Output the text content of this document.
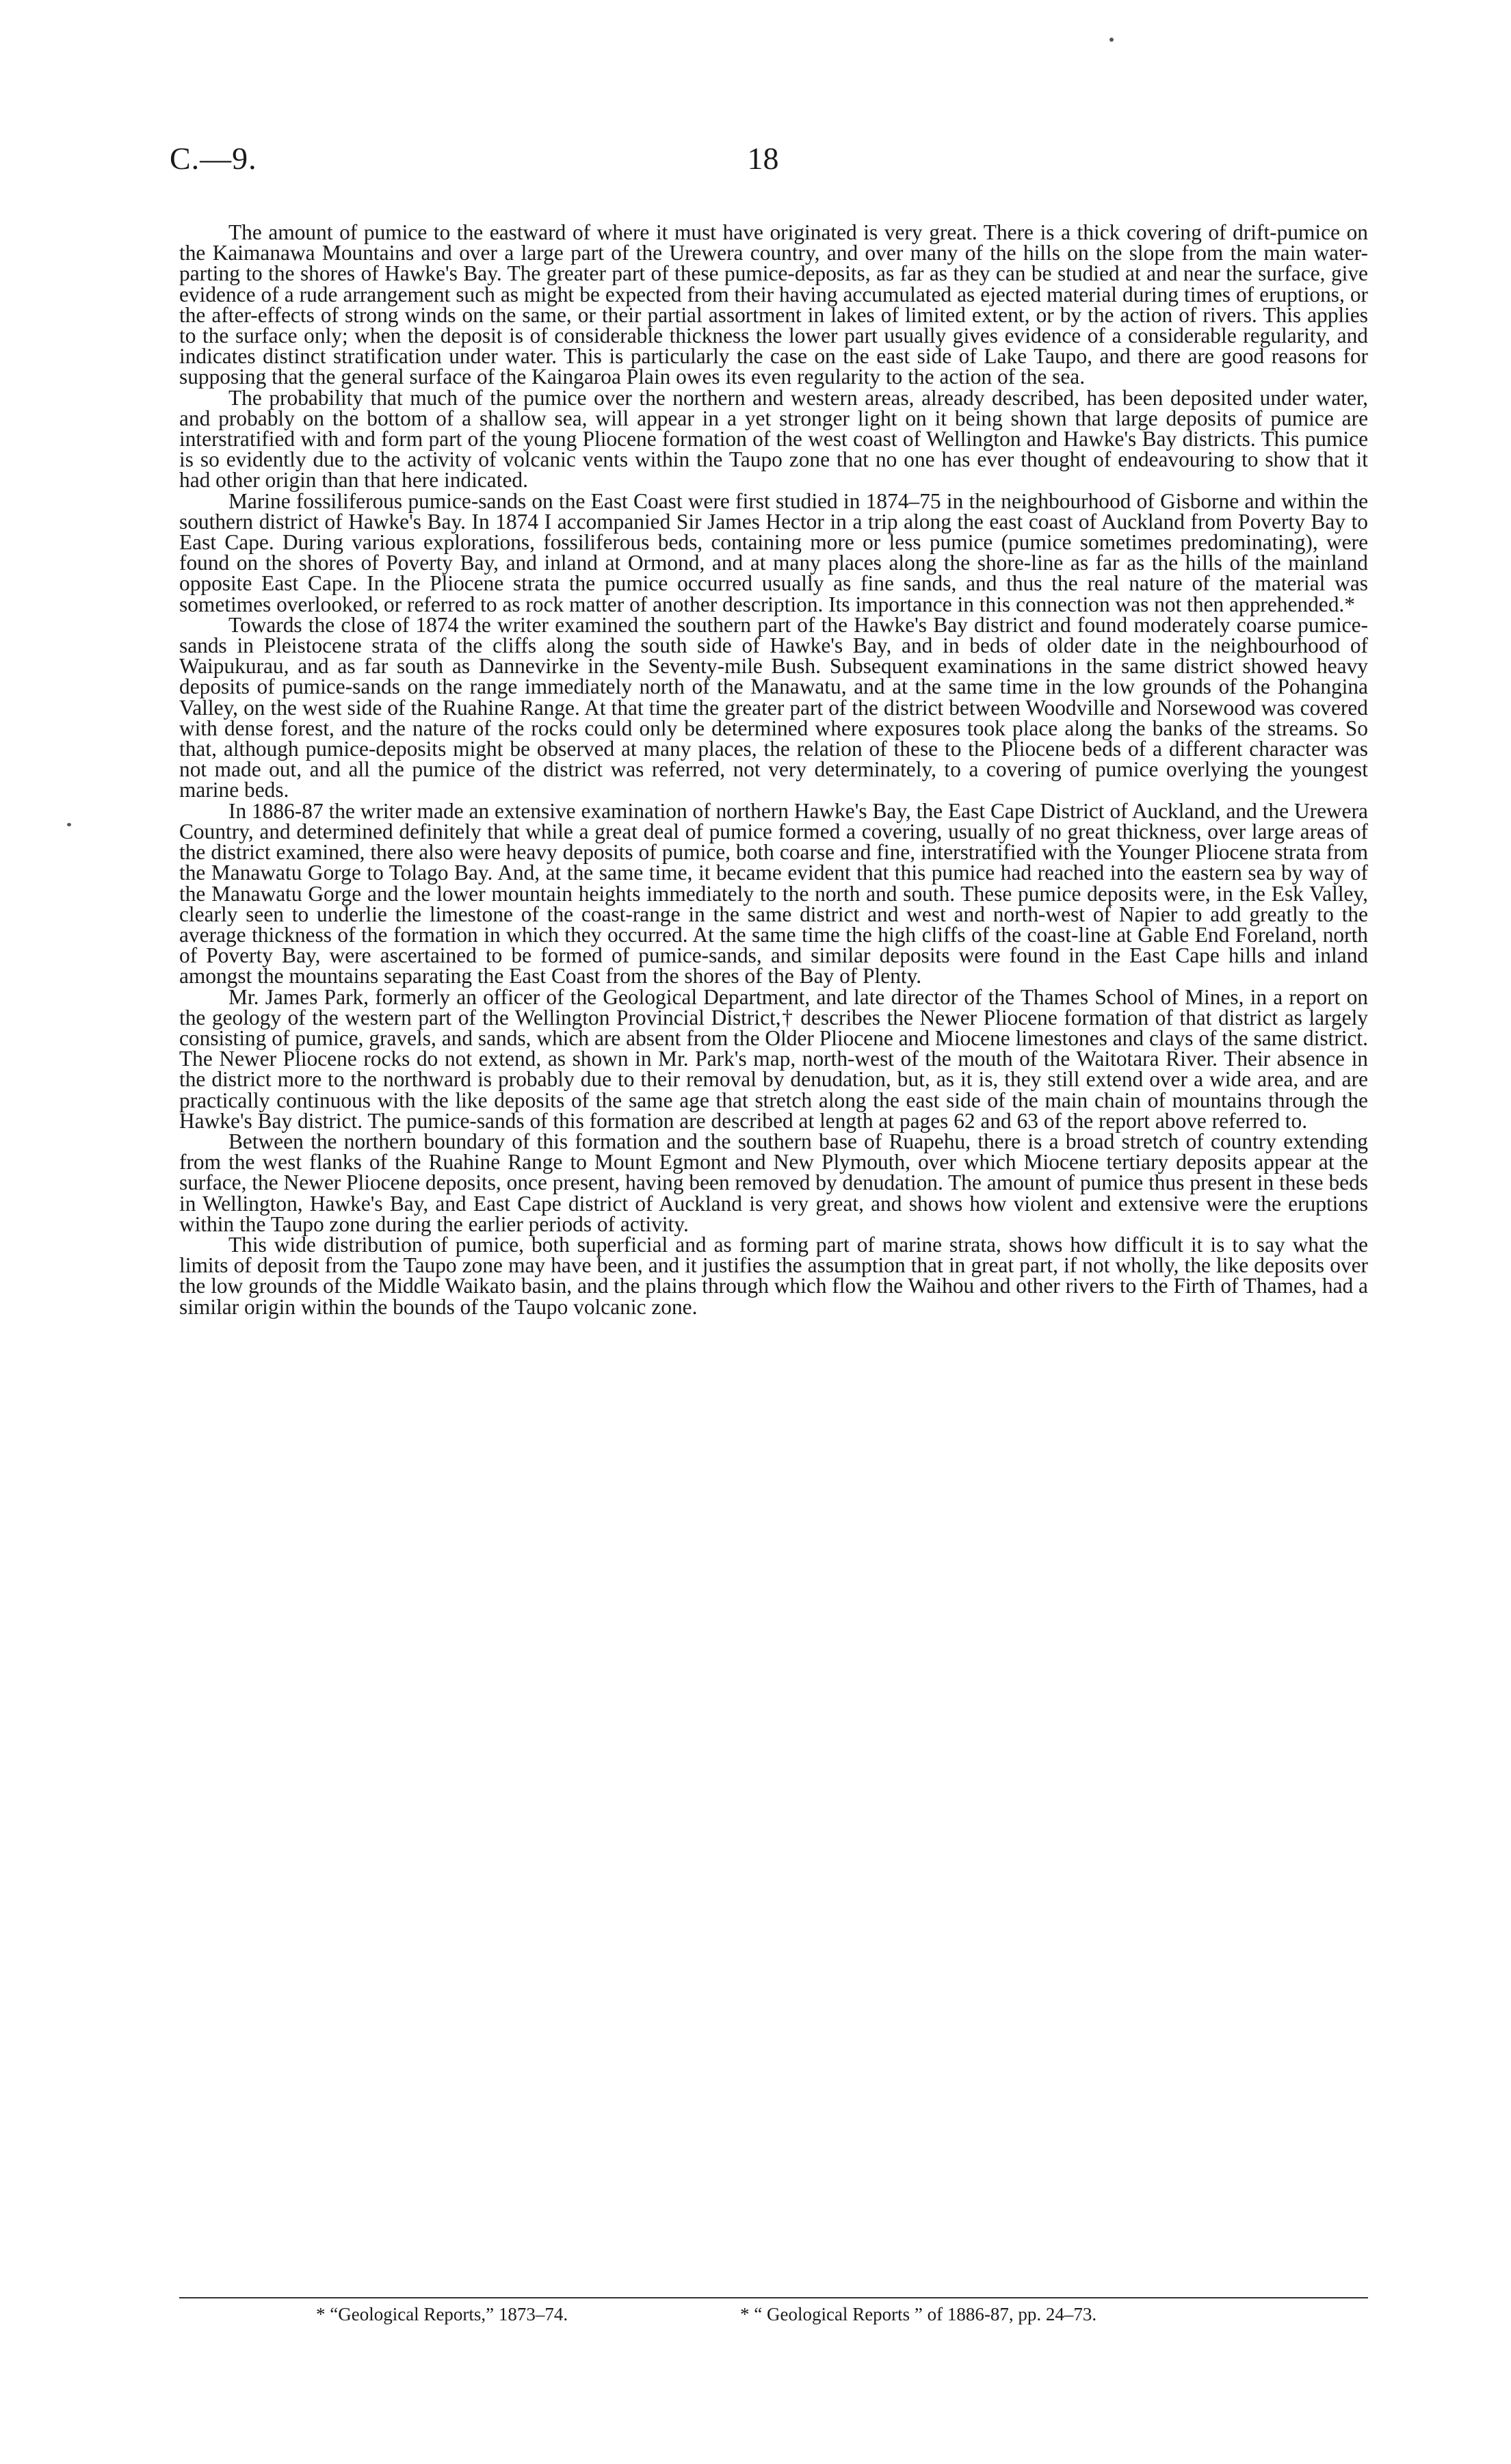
C.—9.	18

The amount of pumice to the eastward of where it must have originated is very great. There is a thick covering of drift-pumice on the Kaimanawa Mountains and over a large part of the Urewera country, and over many of the hills on the slope from the main water-parting to the shores of Hawke's Bay. The greater part of these pumice-deposits, as far as they can be studied at and near the surface, give evidence of a rude arrangement such as might be expected from their having accumulated as ejected material during times of eruptions, or the after-effects of strong winds on the same, or their partial assortment in lakes of limited extent, or by the action of rivers. This applies to the surface only; when the deposit is of considerable thickness the lower part usually gives evidence of a considerable regularity, and indicates distinct stratification under water. This is particularly the case on the east side of Lake Taupo, and there are good reasons for supposing that the general surface of the Kaingaroa Plain owes its even regularity to the action of the sea.

The probability that much of the pumice over the northern and western areas, already described, has been deposited under water, and probably on the bottom of a shallow sea, will appear in a yet stronger light on it being shown that large deposits of pumice are interstratified with and form part of the young Pliocene formation of the west coast of Wellington and Hawke's Bay districts. This pumice is so evidently due to the activity of volcanic vents within the Taupo zone that no one has ever thought of endeavouring to show that it had other origin than that here indicated.

Marine fossiliferous pumice-sands on the East Coast were first studied in 1874–75 in the neighbourhood of Gisborne and within the southern district of Hawke's Bay. In 1874 I accompanied Sir James Hector in a trip along the east coast of Auckland from Poverty Bay to East Cape. During various explorations, fossiliferous beds, containing more or less pumice (pumice sometimes predominating), were found on the shores of Poverty Bay, and inland at Ormond, and at many places along the shore-line as far as the hills of the mainland opposite East Cape. In the Pliocene strata the pumice occurred usually as fine sands, and thus the real nature of the material was sometimes overlooked, or referred to as rock matter of another description. Its importance in this connection was not then apprehended.*

Towards the close of 1874 the writer examined the southern part of the Hawke's Bay district and found moderately coarse pumice-sands in Pleistocene strata of the cliffs along the south side of Hawke's Bay, and in beds of older date in the neighbourhood of Waipukurau, and as far south as Dannevirke in the Seventy-mile Bush. Subsequent examinations in the same district showed heavy deposits of pumice-sands on the range immediately north of the Manawatu, and at the same time in the low grounds of the Pohangina Valley, on the west side of the Ruahine Range. At that time the greater part of the district between Woodville and Norsewood was covered with dense forest, and the nature of the rocks could only be determined where exposures took place along the banks of the streams. So that, although pumice-deposits might be observed at many places, the relation of these to the Pliocene beds of a different character was not made out, and all the pumice of the district was referred, not very determinately, to a covering of pumice overlying the youngest marine beds.

In 1886-87 the writer made an extensive examination of northern Hawke's Bay, the East Cape District of Auckland, and the Urewera Country, and determined definitely that while a great deal of pumice formed a covering, usually of no great thickness, over large areas of the district examined, there also were heavy deposits of pumice, both coarse and fine, interstratified with the Younger Pliocene strata from the Manawatu Gorge to Tolago Bay. And, at the same time, it became evident that this pumice had reached into the eastern sea by way of the Manawatu Gorge and the lower mountain heights immediately to the north and south. These pumice deposits were, in the Esk Valley, clearly seen to underlie the limestone of the coast-range in the same district and west and north-west of Napier to add greatly to the average thickness of the formation in which they occurred. At the same time the high cliffs of the coast-line at Gable End Foreland, north of Poverty Bay, were ascertained to be formed of pumice-sands, and similar deposits were found in the East Cape hills and inland amongst the mountains separating the East Coast from the shores of the Bay of Plenty.

Mr. James Park, formerly an officer of the Geological Department, and late director of the Thames School of Mines, in a report on the geology of the western part of the Wellington Provincial District,† describes the Newer Pliocene formation of that district as largely consisting of pumice, gravels, and sands, which are absent from the Older Pliocene and Miocene limestones and clays of the same district. The Newer Pliocene rocks do not extend, as shown in Mr. Park's map, north-west of the mouth of the Waitotara River. Their absence in the district more to the northward is probably due to their removal by denudation, but, as it is, they still extend over a wide area, and are practically continuous with the like deposits of the same age that stretch along the east side of the main chain of mountains through the Hawke's Bay district. The pumice-sands of this formation are described at length at pages 62 and 63 of the report above referred to.

Between the northern boundary of this formation and the southern base of Ruapehu, there is a broad stretch of country extending from the west flanks of the Ruahine Range to Mount Egmont and New Plymouth, over which Miocene tertiary deposits appear at the surface, the Newer Pliocene deposits, once present, having been removed by denudation. The amount of pumice thus present in these beds in Wellington, Hawke's Bay, and East Cape district of Auckland is very great, and shows how violent and extensive were the eruptions within the Taupo zone during the earlier periods of activity.

This wide distribution of pumice, both superficial and as forming part of marine strata, shows how difficult it is to say what the limits of deposit from the Taupo zone may have been, and it justifies the assumption that in great part, if not wholly, the like deposits over the low grounds of the Middle Waikato basin, and the plains through which flow the Waihou and other rivers to the Firth of Thames, had a similar origin within the bounds of the Taupo volcanic zone.

* “Geological Reports,” 1873–74.	* “ Geological Reports ” of 1886-87, pp. 24–73.
